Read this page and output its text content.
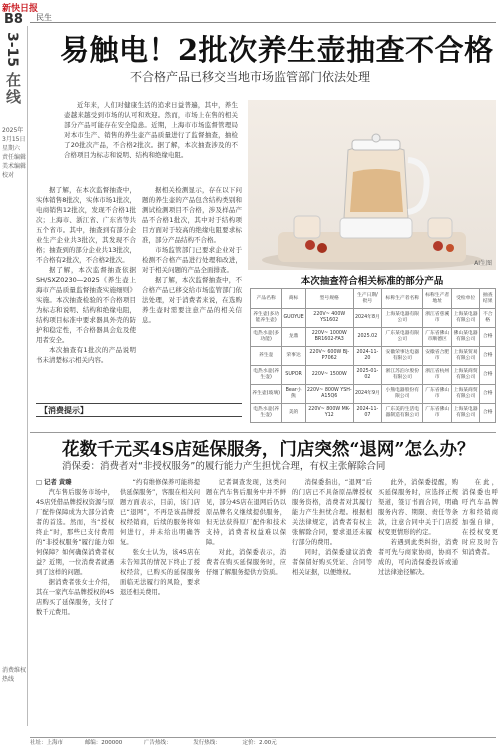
新快日报
B8 民生
3-15
在线
2025年
3月15日
星期六
责任编辑
美术编辑
校对
消费维权
热线
易触电！2批次养生壶抽查不合格
不合格产品已移交当地市场监管部门依法处理

近年来，人们对健康生活的追求日益普遍，其中，养生壶越来越受到市场的认可和欢迎。然而，市场上在售的相关部分产品可能存在安全隐患。近期，上海市市场监督管理局对本市生产、销售的养生壶产品质量进行了监督抽查，抽检了20批次产品，不合格2批次。据了解，本次抽查涉及的不合格项目为标志和说明、结构和绝缘电阻。

据了解，在本次监督抽查中，实体销售8批次，实体市场1批次，电商销售12批次，发现不合格1批次；上海市、浙江省、广东省等共五个省市。其中，抽查到有部分企业生产企业共3批次，其发现不合格；抽查到的部分企业共13批次，不合格有2批次，不合格2批次。

据了解，本次监督抽查依据SH/SXZ0230—2025《养生壶上海市产品质量监督抽查实施细则》实施。本次抽查检验的不合格项目为标志和说明、结构和绝缘电阻，结构项目标准中要求器具外壳的防护和稳定性，不合格器具会危及使用者安全。

本次抽查有1批次的产品说明书未清楚标示相关内容。

据相关检测显示，存在以下问题的养生壶的产品包含结构类别和测试检测项目不合格，涉及样品产品不合格1批次，其中对于结构项目方面对于较高的绝缘电阻要求标准，部分产品结构不合格。

市场监管部门已要求企业对于检测不合格产品进行处理和改进，对于相关问题的产品全面排查。

据了解，本次监督抽查中，不合格产品已移交给市场监管部门依法处理，对于消费者来说，在选购养生壶时需要注意产品的相关信息。

AI生图
本次抽查符合相关标准的部分产品
产品名称	商标	型号规格	生产日期/批号	标称生产者名称	标称生产者地址	受检单位	抽查结果
养生壶(多功能养生壶)	GUOYUE	220V~ 400W YS1602	2024年8月	上海某电器有限公司	浙江省慈溪市	上海某电器有限公司	不合格
电热水壶(多功能)	龙鼎	220V~ 1000W BR1602-FA3	2025.02	广东某电器有限公司	广东省佛山市顺德区	佛山某电器有限公司	合格
养生壶	荣事达	220V~ 600W BJ-P7062	2024-11-20	安徽荣事达电器有限公司	安徽省合肥市	上海某贸易有限公司	合格
电热水壶(养生壶)	SUPOR	220V~ 1500W	2025-01-02	浙江苏泊尔股份有限公司	浙江省杭州市	上海某商贸有限公司	合格
养生壶(玻璃)	Bear小熊	220V~ 800W YSH-A15Q6	2024年9月	小熊电器股份有限公司	广东省佛山市	上海某商贸有限公司	合格
电热水壶(养生壶)	美的	220V~ 800W MK-Y12	2024-11-07	广东美的生活电器制造有限公司	广东省佛山市	上海某电器有限公司	合格
【消费提示】
花数千元买4S店延保服务，门店突然“退网”怎么办？
消保委：消费者对“非授权服务”的履行能力产生担忧合理，有权主张解除合同

□ 记者 黄臻

汽车售后服务市场中，4S店凭借品牌授权资源与原厂配件保障成为大部分消费者的首选。然而，当“授权终止”时，那些已支付费用的“非授权服务”履行能力如何保障？如何确保消费者权益？近期，一位消费者就遇到了这样的问题。

据消费者张女士介绍，其在一家汽车品牌授权的4S店购买了延保服务，支付了数千元费用。

“约有维修保养可能将提供延保服务”，客服在相关问题方面表示，目前，该门店已“退网”，不再是该品牌授权经销商，后续的服务将如何进行，并未给出明确答复。

张女士认为，该4S店在未告知其的情况下终止了授权经营，已购买的延保服务面临无法履行的风险，要求退还相关费用。

记者调查发现，这类问题在汽车售后服务中并不鲜见，部分4S店在退网后仍以原品牌名义继续提供服务，但无法获得原厂配件和技术支持，消费者权益难以保障。

对此，消保委表示，消费者在购买延保服务时，应仔细了解服务提供方资质。

消保委指出，“退网”后的门店已不具备原品牌授权服务资格，消费者对其履行能力产生担忧合理。根据相关法律规定，消费者有权主张解除合同，要求退还未履行部分的费用。

同时，消保委建议消费者保留好购买凭证、合同等相关证据，以便维权。

此外，消保委提醒，购买延保服务时，应选择正规渠道，签订书面合同，明确服务内容、期限、责任等条款，注意合同中关于门店授权变更情形的约定。

若遇到此类纠纷，消费者可先与商家协商，协商不成的，可向消保委投诉或通过法律途径解决。

在此，消保委也呼吁汽车品牌方和经销商加强自律，在授权变更时应及时告知消费者。

社址：上海市	邮编：200000	广告热线：	发行热线：	定价：2.00元
